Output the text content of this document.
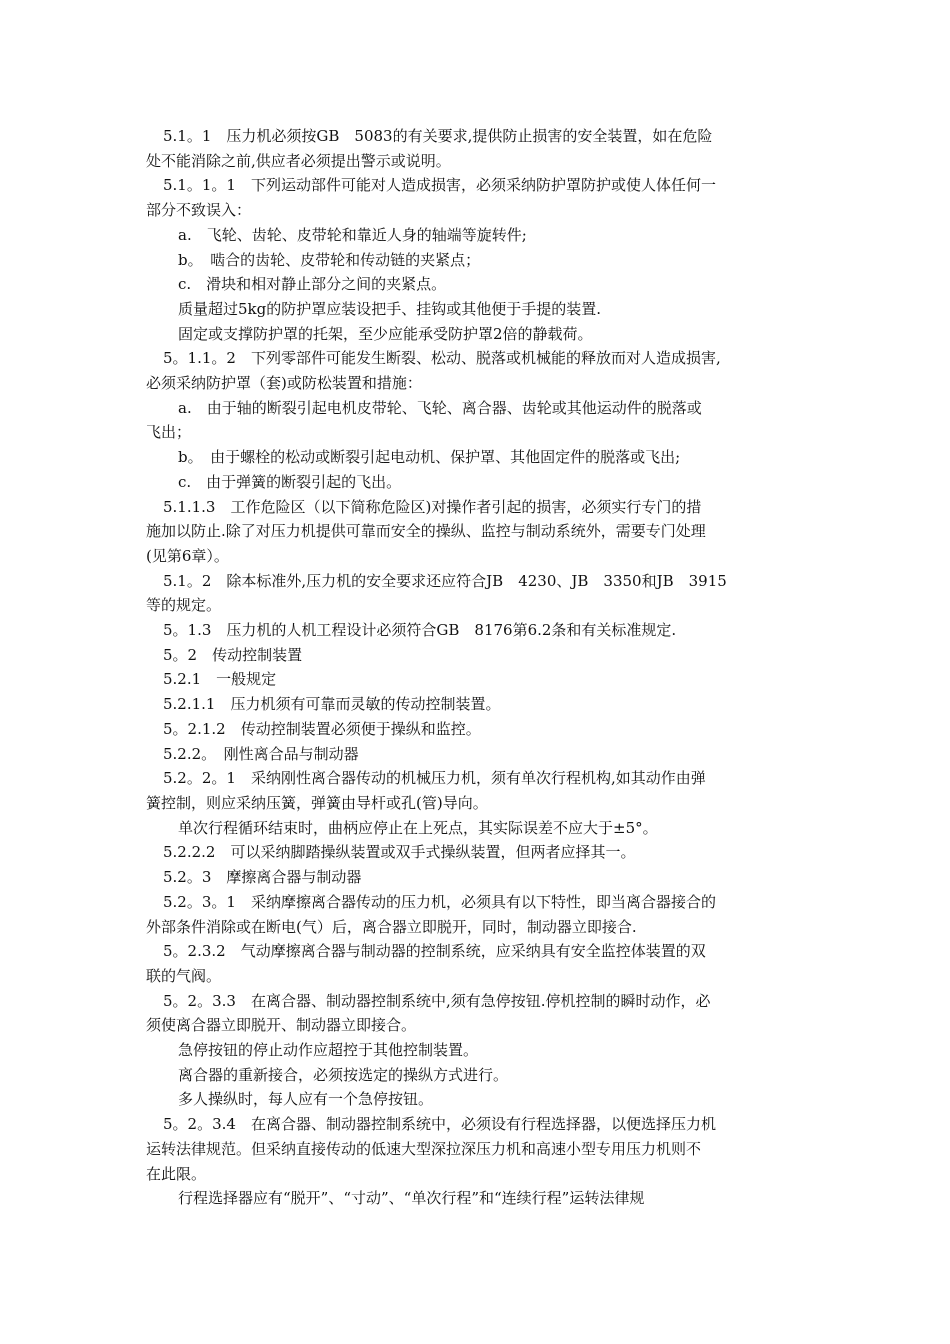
5.1。1　压力机必须按GB　5083的有关要求,提供防止损害的安全装置，如在危险
处不能消除之前,供应者必须提出警示或说明。
5.1。1。1　下列运动部件可能对人造成损害，必须采纳防护罩防护或使人体任何一
部分不致误入：
a.　飞轮、齿轮、皮带轮和靠近人身的轴端等旋转件;
b。　啮合的齿轮、皮带轮和传动链的夹紧点；
c.　滑块和相对静止部分之间的夹紧点。
质量超过5kg的防护罩应装设把手、挂钩或其他便于手提的装置.
固定或支撑防护罩的托架，至少应能承受防护罩2倍的静载荷。
5。1.1。2　下列零部件可能发生断裂、松动、脱落或机械能的释放而对人造成损害,
必须采纳防护罩（套)或防松装置和措施：
a.　由于轴的断裂引起电机皮带轮、飞轮、离合器、齿轮或其他运动件的脱落或
飞出；
b。　由于螺栓的松动或断裂引起电动机、保护罩、其他固定件的脱落或飞出;
c.　由于弹簧的断裂引起的飞出。
5.1.1.3　工作危险区（以下简称危险区)对操作者引起的损害，必须实行专门的措
施加以防止.除了对压力机提供可靠而安全的操纵、监控与制动系统外，需要专门处理
(见第6章）。
5.1。2　除本标准外,压力机的安全要求还应符合JB　4230、JB　3350和JB　3915
等的规定。
5。1.3　压力机的人机工程设计必须符合GB　8176第6.2条和有关标准规定.
5。2　传动控制装置
5.2.1　一般规定
5.2.1.1　压力机须有可靠而灵敏的传动控制装置。
5。2.1.2　传动控制装置必须便于操纵和监控。
5.2.2。　刚性离合品与制动器
5.2。2。1　采纳刚性离合器传动的机械压力机，须有单次行程机构,如其动作由弹
簧控制，则应采纳压簧，弹簧由导杆或孔(管)导向。
单次行程循环结束时，曲柄应停止在上死点，其实际误差不应大于±5°。
5.2.2.2　可以采纳脚踏操纵装置或双手式操纵装置，但两者应择其一。
5.2。3　摩擦离合器与制动器
5.2。3。1　采纳摩擦离合器传动的压力机，必须具有以下特性，即当离合器接合的
外部条件消除或在断电(气）后，离合器立即脱开，同时，制动器立即接合.
5。2.3.2　气动摩擦离合器与制动器的控制系统，应采纳具有安全监控体装置的双
联的气阀。
5。2。3.3　在离合器、制动器控制系统中,须有急停按钮.停机控制的瞬时动作，必
须使离合器立即脱开、制动器立即接合。
急停按钮的停止动作应超控于其他控制装置。
离合器的重新接合，必须按选定的操纵方式进行。
多人操纵时，每人应有一个急停按钮。
5。2。3.4　在离合器、制动器控制系统中，必须设有行程选择器，以便选择压力机
运转法律规范。但采纳直接传动的低速大型深拉深压力机和高速小型专用压力机则不
在此限。
行程选择器应有“脱开”、“寸动”、“单次行程”和“连续行程”运转法律规
